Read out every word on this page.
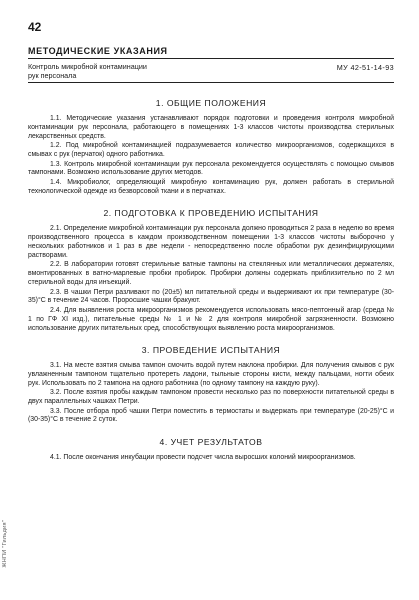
42
МЕТОДИЧЕСКИЕ УКАЗАНИЯ
Контроль микробной контаминации
рук персонала
МУ 42-51-14-93
1. ОБЩИЕ ПОЛОЖЕНИЯ

1.1. Методические указания устанавливают порядок подготовки и проведения контроля микробной контаминации рук персонала, работающего в помещениях 1-3 классов чистоты производства стерильных лекарственных средств.

1.2. Под микробной контаминацией подразумевается количество микроорганизмов, содержащихся в смывах с рук (перчаток) одного работника.

1.3. Контроль микробной контаминации рук персонала рекомендуется осуществлять с помощью смывов тампонами. Возможно использование других методов.

1.4. Микробиолог, определяющий микробную контаминацию рук, должен работать в стерильной технологической одежде из безворсовой ткани и в перчатках.

2. ПОДГОТОВКА К ПРОВЕДЕНИЮ ИСПЫТАНИЯ

2.1. Определение микробной контаминации рук персонала должно проводиться 2 раза в неделю во время производственного процесса в каждом производственном помещении 1-3 классов чистоты выборочно у нескольких работников и 1 раз в две недели - непосредственно после обработки рук дезинфицирующими растворами.

2.2. В лаборатории готовят стерильные ватные тампоны на стеклянных или металлических держателях, вмонтированных в ватно-марлевые пробки пробирок. Пробирки должны содержать приблизительно по 2 мл стерильной воды для инъекций.

2.3. В чашки Петри разливают по (20±5) мл питательной среды и выдерживают их при температуре (30-35)°С в течение 24 часов. Проросшие чашки бракуют.

2.4. Для выявления роста микроорганизмов рекомендуется использовать мясо-пептонный агар (среда № 1 по ГФ XI изд.), питательные среды № 1 и № 2 для контроля микробной загрязненности. Возможно использование других питательных сред, способствующих выявлению роста микроорганизмов.

3. ПРОВЕДЕНИЕ ИСПЫТАНИЯ

3.1. На месте взятия смыва тампон смочить водой путем наклона пробирки. Для получения смывов с рук увлажненным тампоном тщательно протереть ладони, тыльные стороны кисти, между пальцами, ногти обеих рук. Использовать по 2 тампона на одного работника (по одному тампону на каждую руку).

3.2. После взятия пробы каждым тампоном провести несколько раз по поверхности питательной среды в двух параллельных чашках Петри.

3.3. После отбора проб чашки Петри поместить в термостаты и выдержать при температуре (20-25)°С и (30-35)°С в течение 2 суток.

4. УЧЕТ РЕЗУЛЬТАТОВ

4.1. После окончания инкубации провести подсчет числа выросших колоний микроорганизмов.

ЖНПИ "Гильдия"
